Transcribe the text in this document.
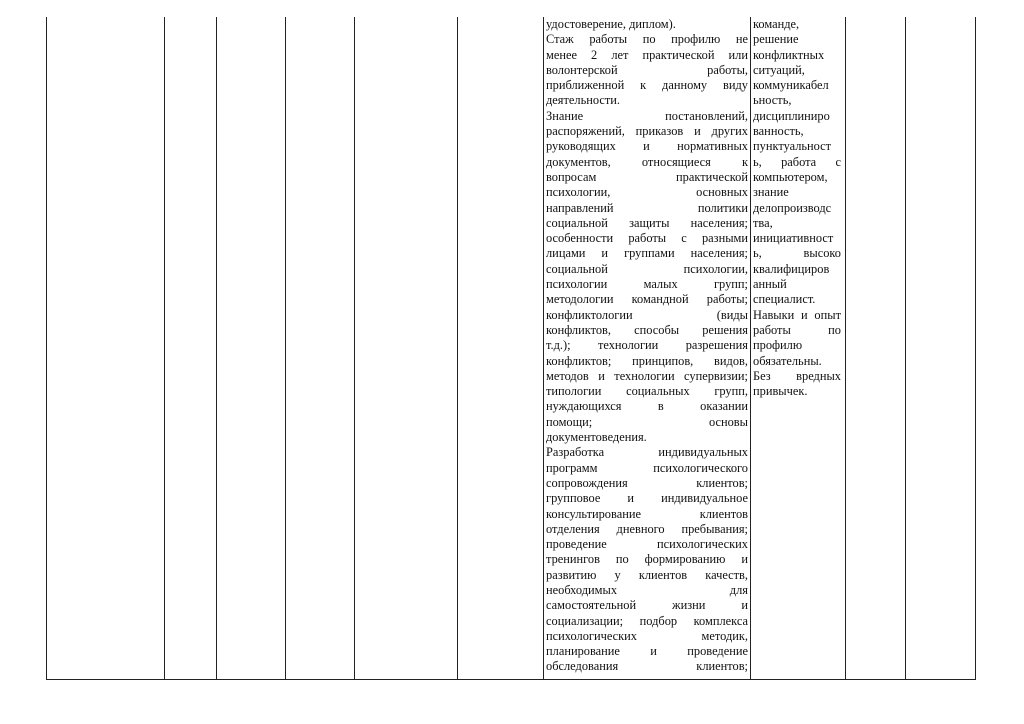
удостоверение, диплом).
Стаж работы по профилю не
менее 2 лет практической или
волонтерской работы,
приближенной к данному виду
деятельности.
Знание постановлений,
распоряжений, приказов и других
руководящих и нормативных
документов, относящиеся к
вопросам практической
психологии, основных
направлений политики
социальной защиты населения;
особенности работы с разными
лицами и группами населения;
социальной психологии,
психологии малых групп;
методологии командной работы;
конфликтологии (виды
конфликтов, способы решения
т.д.); технологии разрешения
конфликтов; принципов, видов,
методов и технологии супервизии;
типологии социальных групп,
нуждающихся в оказании
помощи; основы
документоведения.
Разработка индивидуальных
программ психологического
сопровождения клиентов;
групповое и индивидуальное
консультирование клиентов
отделения дневного пребывания;
проведение психологических
тренингов по формированию и
развитию у клиентов качеств,
необходимых для
самостоятельной жизни и
социализации; подбор комплекса
психологических методик,
планирование и проведение
обследования клиентов;
команде,
решение
конфликтных
ситуаций,
коммуникабел
ьность,
дисциплиниро
ванность,
пунктуальност
ь, работа с
компьютером,
знание
делопроизводс
тва,
инициативност
ь, высоко
квалифициров
анный
специалист.
Навыки и опыт
работы по
профилю
обязательны.
Без вредных
привычек.
